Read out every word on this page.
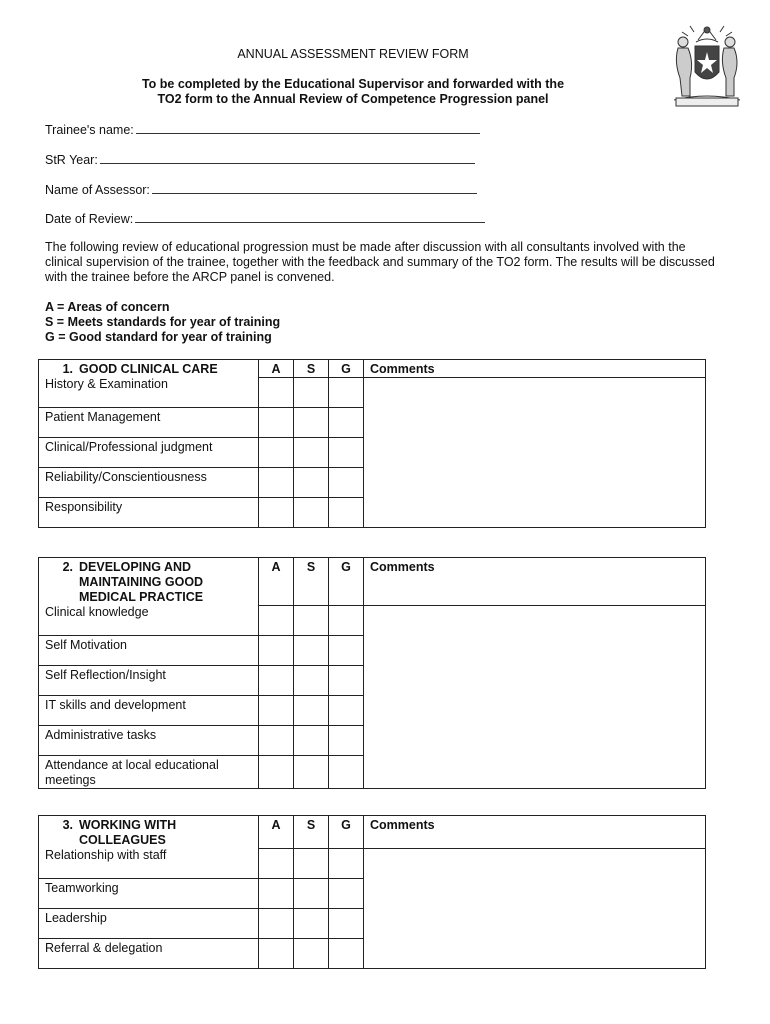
ANNUAL ASSESSMENT REVIEW FORM
To be completed by the Educational Supervisor and forwarded with the
TO2 form to the Annual Review of Competence Progression panel
Trainee's name:
StR Year:
Name of Assessor:
Date of Review:
The following review of educational progression must be made after discussion with all consultants involved with the clinical supervision of the trainee, together with the feedback and summary of the TO2 form. The results will be discussed with the trainee before the ARCP panel is convened.
A = Areas of concern
S = Meets standards for year of training
G = Good standard for year of training
1. GOOD CLINICAL CARE	A	S	G	Comments
History & Examination				
Patient Management				
Clinical/Professional judgment				
Reliability/Conscientiousness				
Responsibility				
2. DEVELOPING AND
MAINTAINING GOOD
MEDICAL PRACTICE	A	S	G	Comments
Clinical knowledge				
Self Motivation				
Self Reflection/Insight				
IT skills and development				
Administrative tasks				

Attendance at local educational
meetings				

3. WORKING WITH
COLLEAGUES	A	S	G	Comments
Relationship with staff				
Teamworking				
Leadership				
Referral & delegation				
